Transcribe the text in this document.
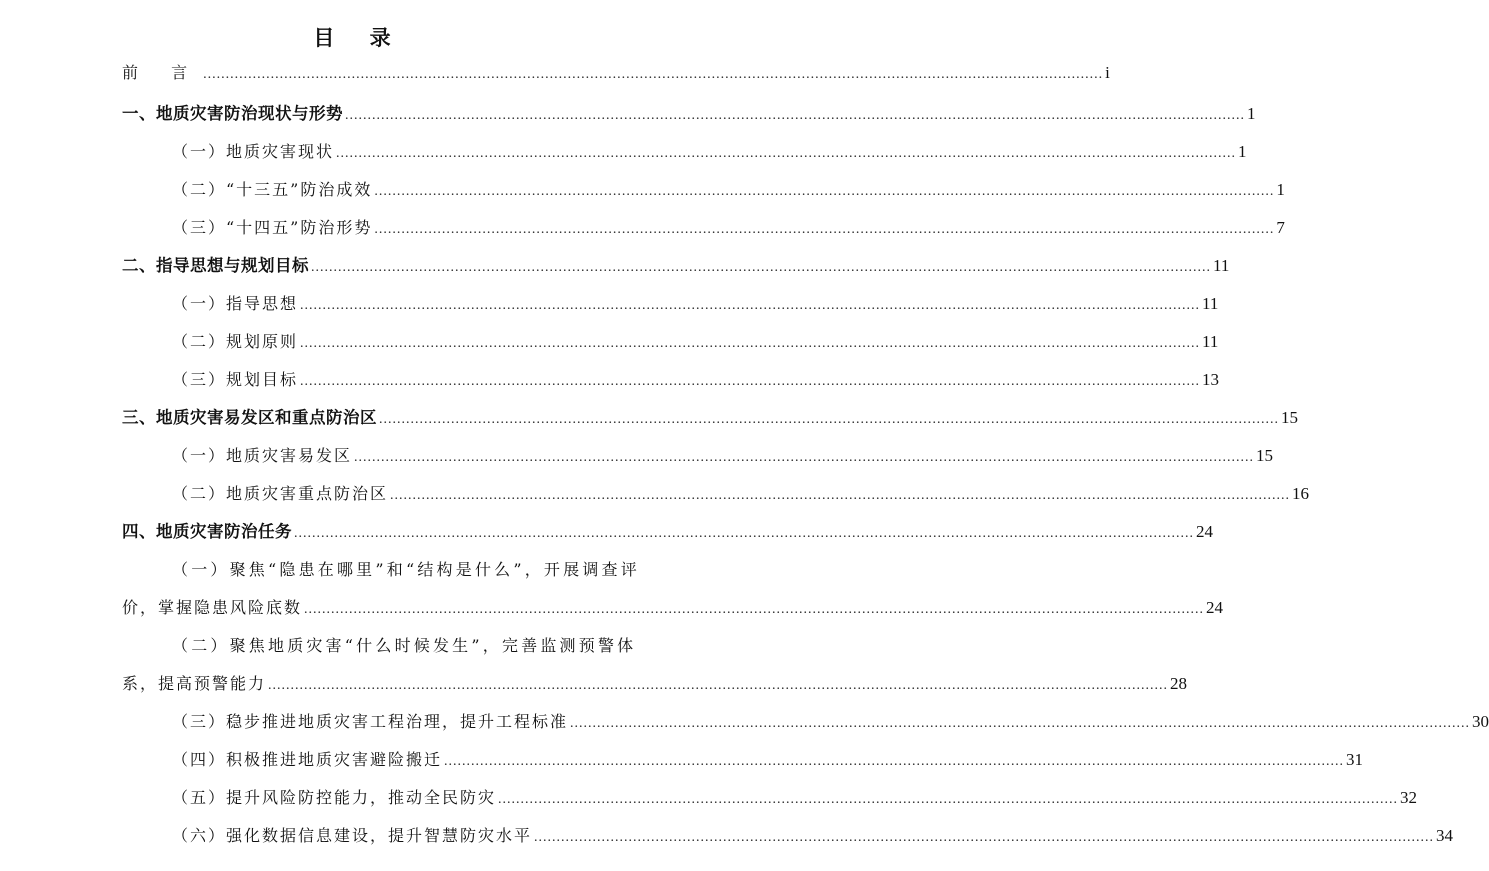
目 录
前 言 ........................................................................................................................................................................................................ i
一、地质灾害防治现状与形势 ........................................................................................................................................................................................................ 1
（一）地质灾害现状 ........................................................................................................................................................................................................ 1
（二）“十三五”防治成效 ........................................................................................................................................................................................................ 1
（三）“十四五”防治形势 ........................................................................................................................................................................................................ 7
二、指导思想与规划目标 ........................................................................................................................................................................................................ 11
（一）指导思想 ........................................................................................................................................................................................................ 11
（二）规划原则 ........................................................................................................................................................................................................ 11
（三）规划目标 ........................................................................................................................................................................................................ 13
三、地质灾害易发区和重点防治区 ........................................................................................................................................................................................................ 15
（一）地质灾害易发区 ........................................................................................................................................................................................................ 15
（二）地质灾害重点防治区 ........................................................................................................................................................................................................ 16
四、地质灾害防治任务 ........................................................................................................................................................................................................ 24
（一）聚焦“隐患在哪里”和“结构是什么”，开展调查评
价，掌握隐患风险底数 ........................................................................................................................................................................................................ 24
（二）聚焦地质灾害“什么时候发生”，完善监测预警体
系，提高预警能力 ........................................................................................................................................................................................................ 28
（三）稳步推进地质灾害工程治理，提升工程标准 ........................................................................................................................................................................................................ 30
（四）积极推进地质灾害避险搬迁 ........................................................................................................................................................................................................ 31
（五）提升风险防控能力，推动全民防灾 ........................................................................................................................................................................................................ 32
（六）强化数据信息建设，提升智慧防灾水平 ........................................................................................................................................................................................................ 34
